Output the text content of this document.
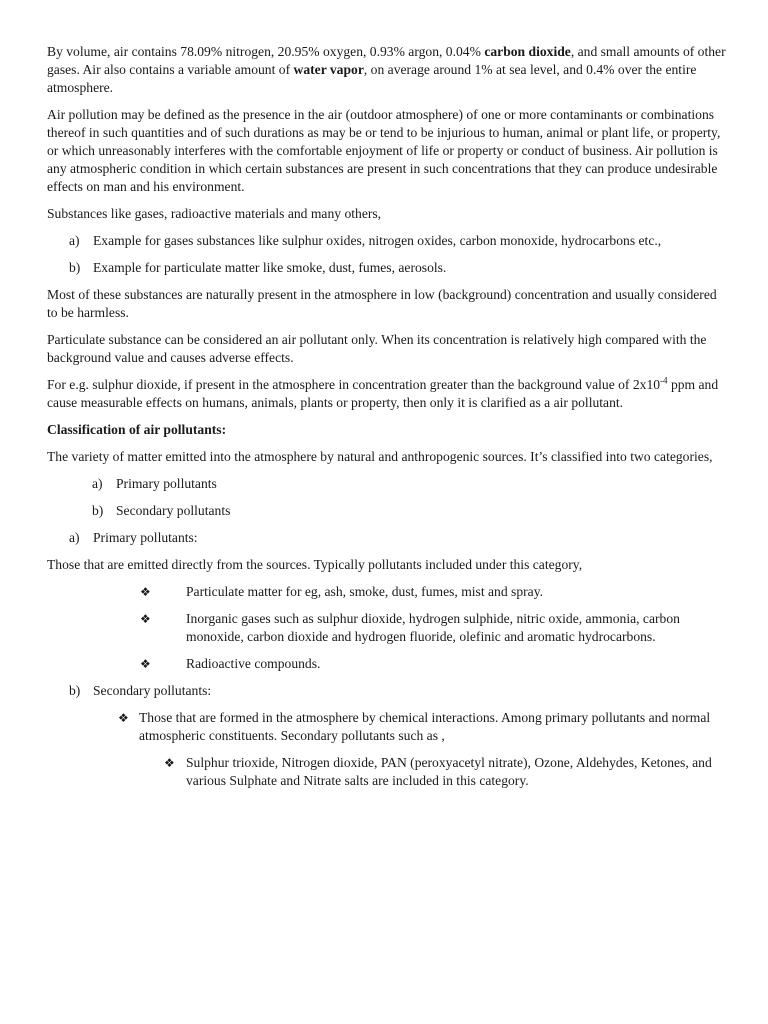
By volume, air contains 78.09% nitrogen, 20.95% oxygen, 0.93% argon, 0.04% carbon dioxide, and small amounts of other gases. Air also contains a variable amount of water vapor, on average around 1% at sea level, and 0.4% over the entire atmosphere.

Air pollution may be defined as the presence in the air (outdoor atmosphere) of one or more contaminants or combinations thereof in such quantities and of such durations as may be or tend to be injurious to human, animal or plant life, or property, or which unreasonably interferes with the comfortable enjoyment of life or property or conduct of business. Air pollution is any atmospheric condition in which certain substances are present in such concentrations that they can produce undesirable effects on man and his environment.

Substances like gases, radioactive materials and many others,

a) Example for gases substances like sulphur oxides, nitrogen oxides, carbon monoxide, hydrocarbons etc.,
b) Example for particulate matter like smoke, dust, fumes, aerosols.

Most of these substances are naturally present in the atmosphere in low (background) concentration and usually considered to be harmless.

Particulate substance can be considered an air pollutant only. When its concentration is relatively high compared with the background value and causes adverse effects.

For e.g. sulphur dioxide, if present in the atmosphere in concentration greater than the background value of $2x10^{-4}$ ppm and cause measurable effects on humans, animals, plants or property, then only it is clarified as a air pollutant.

Classification of air pollutants:

The variety of matter emitted into the atmosphere by natural and anthropogenic sources. It’s classified into two categories,

a) Primary pollutants
b) Secondary pollutants
a) Primary pollutants:

Those that are emitted directly from the sources. Typically pollutants included under this category,

❖	Particulate matter for eg, ash, smoke, dust, fumes, mist and spray.
❖	Inorganic gases such as sulphur dioxide, hydrogen sulphide, nitric oxide, ammonia, carbon monoxide, carbon dioxide and hydrogen fluoride, olefinic and aromatic hydrocarbons.
❖	Radioactive compounds.
b) Secondary pollutants:
❖ Those that are formed in the atmosphere by chemical interactions. Among primary pollutants and normal atmospheric constituents. Secondary pollutants such as ,
❖ Sulphur trioxide, Nitrogen dioxide, PAN (peroxyacetyl nitrate), Ozone, Aldehydes, Ketones, and various Sulphate and Nitrate salts are included in this category.
